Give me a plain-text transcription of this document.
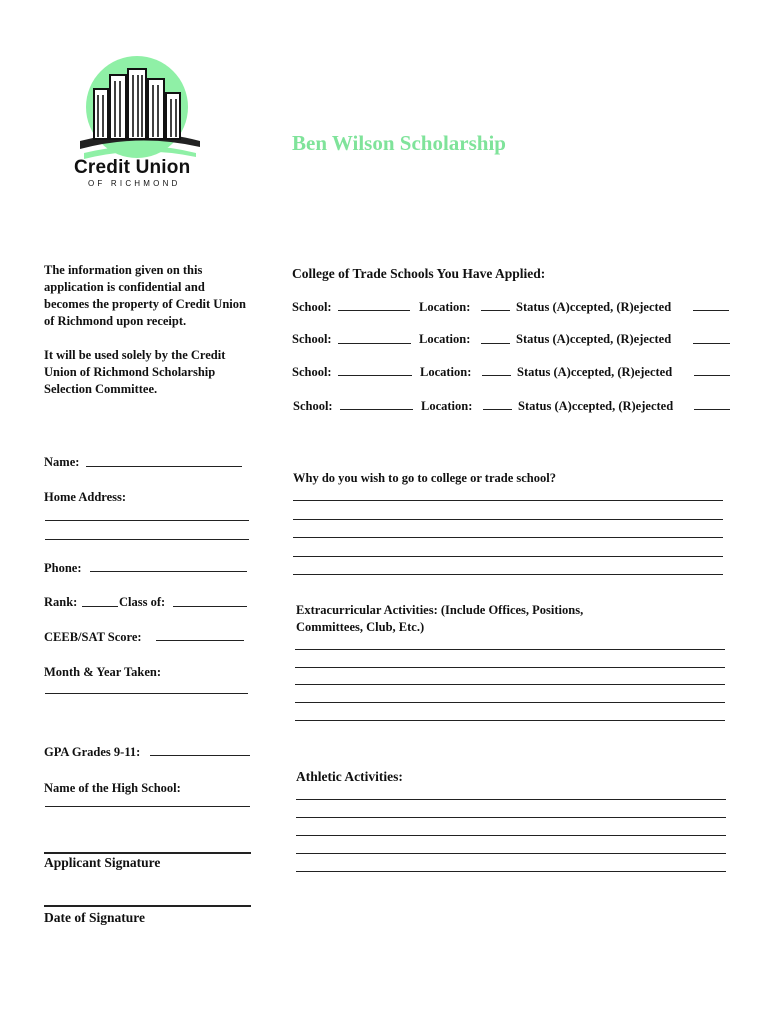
Credit Union
OF RICHMOND
Ben Wilson Scholarship
The information given on this
application is confidential and
becomes the property of Credit Union
of Richmond upon receipt.
It will be used solely by the Credit
Union of Richmond Scholarship
Selection Committee.
College of Trade Schools You Have Applied:
School:	Location:	Status (A)ccepted, (R)ejected
School:	Location:	Status (A)ccepted, (R)ejected
School:	Location:	Status (A)ccepted, (R)ejected
School:	Location:	Status (A)ccepted, (R)ejected
Name:
Home Address:
Phone:
Rank:	Class of:
CEEB/SAT Score:
Month & Year Taken:
GPA Grades 9-11:
Name of the High School:
Applicant Signature
Date of Signature
Why do you wish to go to college or trade school?
Extracurricular Activities: (Include Offices, Positions,
Committees, Club, Etc.)
Athletic Activities:
